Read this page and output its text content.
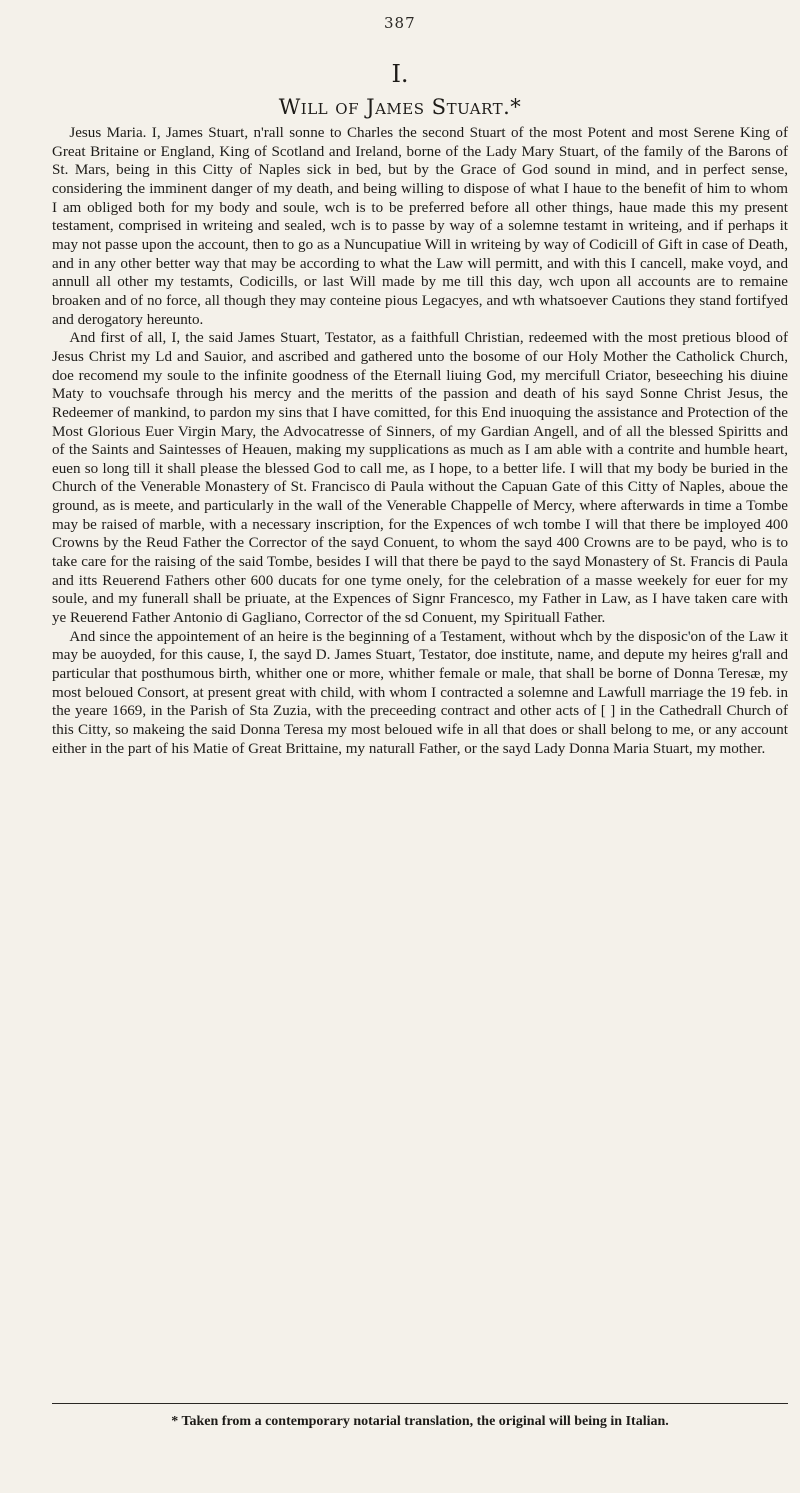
387
I.
Will of James Stuart.*

Jesus Maria. I, James Stuart, n'rall sonne to Charles the second Stuart of the most Potent and most Serene King of Great Britaine or England, King of Scotland and Ireland, borne of the Lady Mary Stuart, of the family of the Barons of St. Mars, being in this Citty of Naples sick in bed, but by the Grace of God sound in mind, and in perfect sense, considering the imminent danger of my death, and being willing to dispose of what I haue to the benefit of him to whom I am obliged both for my body and soule, wch is to be preferred before all other things, haue made this my present testament, comprised in writeing and sealed, wch is to passe by way of a solemne testamt in writeing, and if perhaps it may not passe upon the account, then to go as a Nuncupatiue Will in writeing by way of Codicill of Gift in case of Death, and in any other better way that may be according to what the Law will permitt, and with this I cancell, make voyd, and annull all other my testamts, Codicills, or last Will made by me till this day, wch upon all accounts are to remaine broaken and of no force, all though they may conteine pious Legacyes, and wth whatsoever Cautions they stand fortifyed and derogatory hereunto.

And first of all, I, the said James Stuart, Testator, as a faithfull Christian, redeemed with the most pretious blood of Jesus Christ my Ld and Sauior, and ascribed and gathered unto the bosome of our Holy Mother the Catholick Church, doe recomend my soule to the infinite goodness of the Eternall liuing God, my mercifull Criator, beseeching his diuine Maty to vouchsafe through his mercy and the meritts of the passion and death of his sayd Sonne Christ Jesus, the Redeemer of mankind, to pardon my sins that I have comitted, for this End inuoquing the assistance and Protection of the Most Glorious Euer Virgin Mary, the Advocatresse of Sinners, of my Gardian Angell, and of all the blessed Spiritts and of the Saints and Saintesses of Heauen, making my supplications as much as I am able with a contrite and humble heart, euen so long till it shall please the blessed God to call me, as I hope, to a better life. I will that my body be buried in the Church of the Venerable Monastery of St. Francisco di Paula without the Capuan Gate of this Citty of Naples, aboue the ground, as is meete, and particularly in the wall of the Venerable Chappelle of Mercy, where afterwards in time a Tombe may be raised of marble, with a necessary inscription, for the Expences of wch tombe I will that there be imployed 400 Crowns by the Reud Father the Corrector of the sayd Conuent, to whom the sayd 400 Crowns are to be payd, who is to take care for the raising of the said Tombe, besides I will that there be payd to the sayd Monastery of St. Francis di Paula and itts Reuerend Fathers other 600 ducats for one tyme onely, for the celebration of a masse weekely for euer for my soule, and my funerall shall be priuate, at the Expences of Signr Francesco, my Father in Law, as I have taken care with ye Reuerend Father Antonio di Gagliano, Corrector of the sd Conuent, my Spirituall Father.

And since the appointement of an heire is the beginning of a Testament, without whch by the disposic'on of the Law it may be auoyded, for this cause, I, the sayd D. James Stuart, Testator, doe institute, name, and depute my heires g'rall and particular that posthumous birth, whither one or more, whither female or male, that shall be borne of Donna Teresæ, my most beloued Consort, at present great with child, with whom I contracted a solemne and Lawfull marriage the 19 feb. in the yeare 1669, in the Parish of Sta Zuzia, with the preceeding contract and other acts of [ ] in the Cathedrall Church of this Citty, so makeing the said Donna Teresa my most beloued wife in all that does or shall belong to me, or any account either in the part of his Matie of Great Brittaine, my naturall Father, or the sayd Lady Donna Maria Stuart, my mother.

* Taken from a contemporary notarial translation, the original will being in Italian.
